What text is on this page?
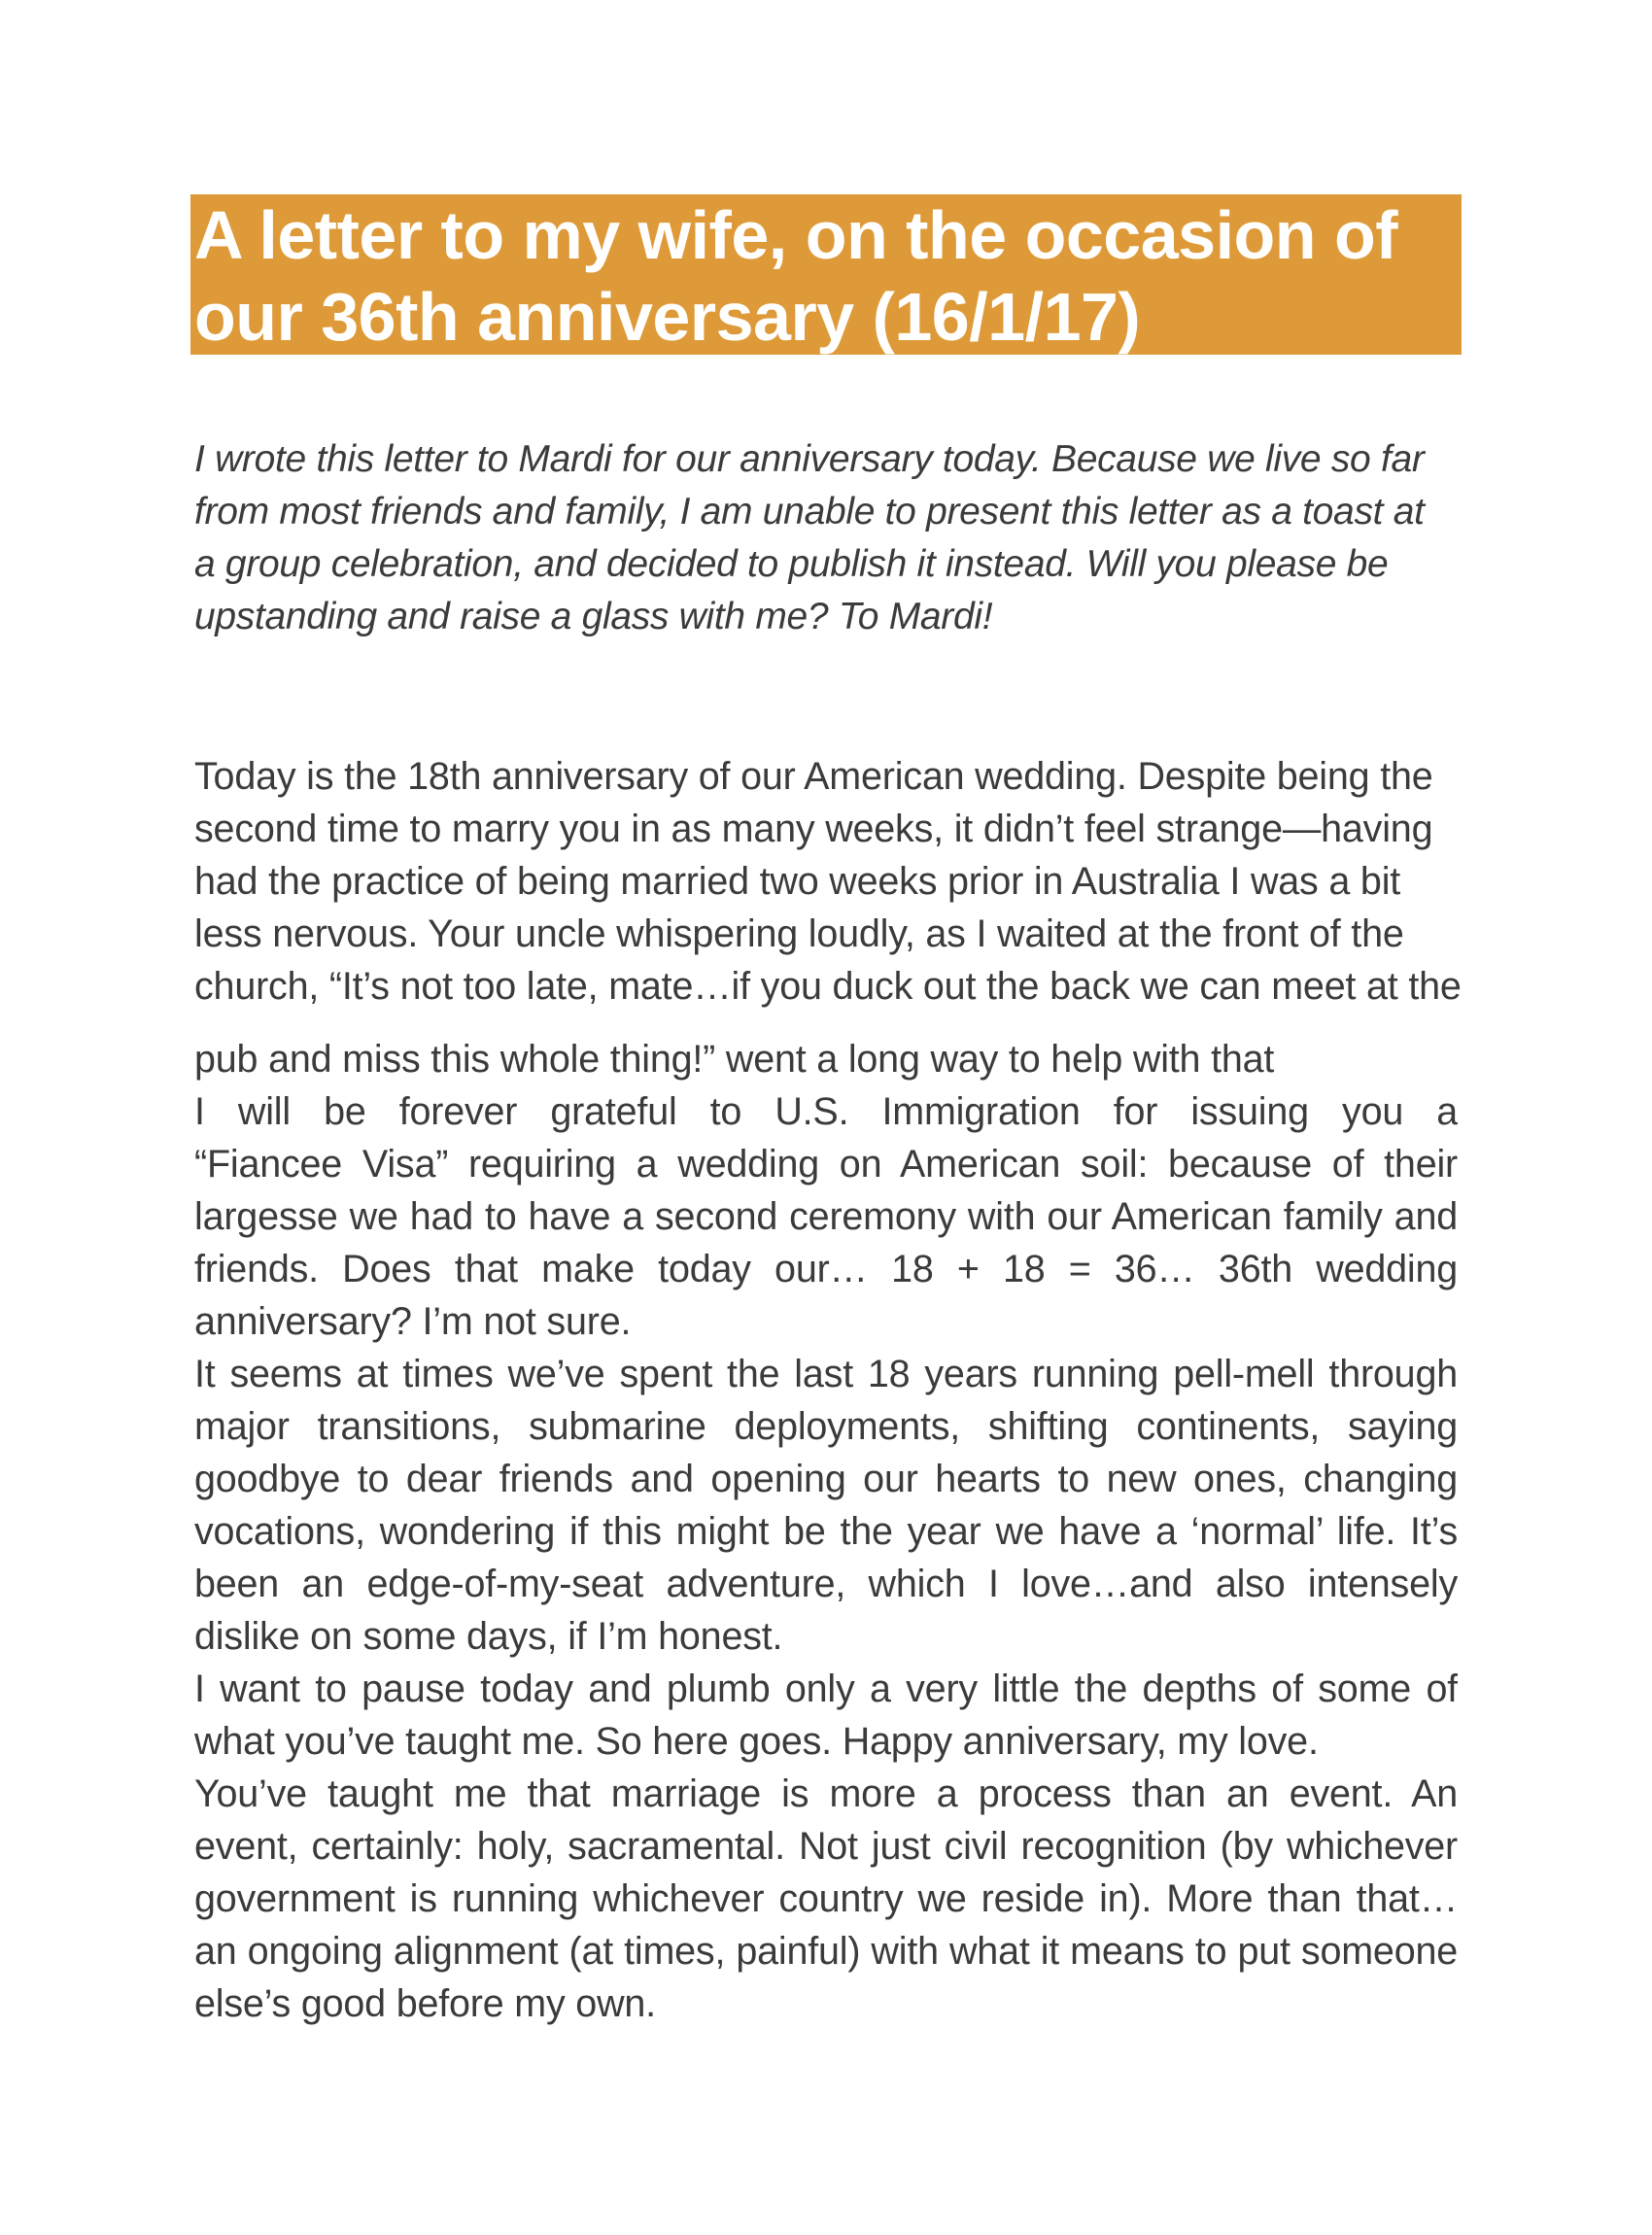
A letter to my wife, on the occasion of
our 36th anniversary (16/1/17)
I wrote this letter to Mardi for our anniversary today. Because we live so far
from most friends and family, I am unable to present this letter as a toast at
a group celebration, and decided to publish it instead. Will you please be
upstanding and raise a glass with me? To Mardi!
Today is the 18th anniversary of our American wedding. Despite being the
second time to marry you in as many weeks, it didn’t feel strange—having
had the practice of being married two weeks prior in Australia I was a bit
less nervous. Your uncle whispering loudly, as I waited at the front of the
church, “It’s not too late, mate…if you duck out the back we can meet at the
pub and miss this whole thing!” went a long way to help with that
I will be forever grateful to U.S. Immigration for issuing you a
“Fiancee Visa” requiring a wedding on American soil: because of their
largesse we had to have a second ceremony with our American family and
friends. Does that make today our… 18 + 18 = 36… 36th wedding
anniversary? I’m not sure.
It seems at times we’ve spent the last 18 years running pell-mell through
major transitions, submarine deployments, shifting continents, saying
goodbye to dear friends and opening our hearts to new ones, changing
vocations, wondering if this might be the year we have a ‘normal’ life. It’s
been an edge-of-my-seat adventure, which I love…and also intensely
dislike on some days, if I’m honest.
I want to pause today and plumb only a very little the depths of some of
what you’ve taught me. So here goes. Happy anniversary, my love.
You’ve taught me that marriage is more a process than an event. An
event, certainly: holy, sacramental. Not just civil recognition (by whichever
government is running whichever country we reside in). More than that…
an ongoing alignment (at times, painful) with what it means to put someone
else’s good before my own.
